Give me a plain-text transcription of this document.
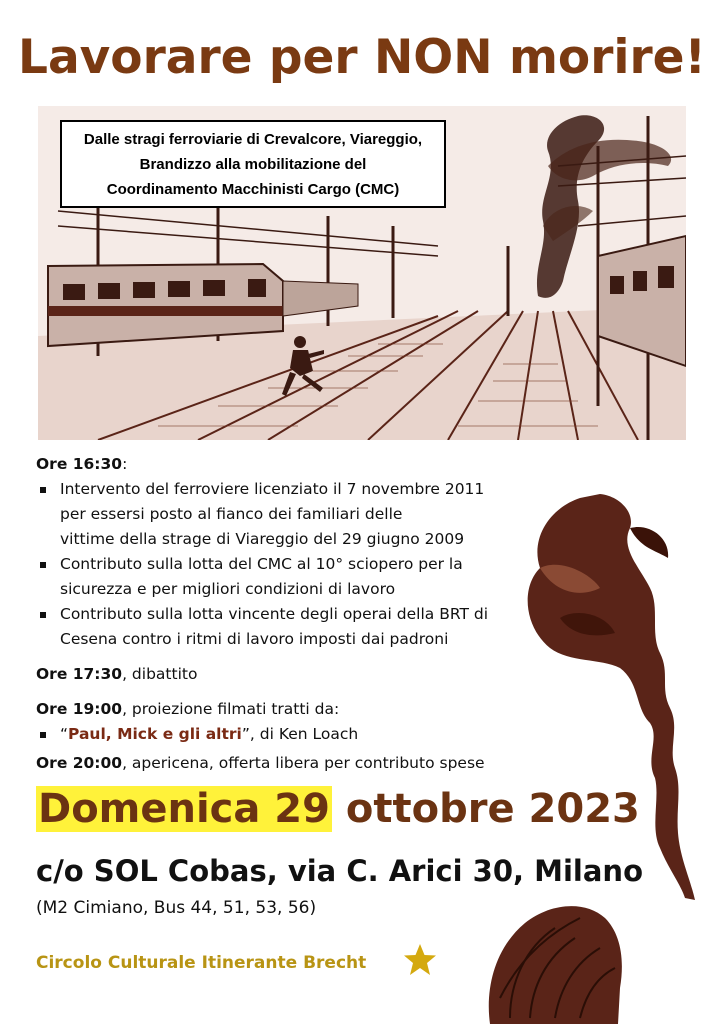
Lavorare per NON morire!
Dalle stragi ferroviarie di Crevalcore, Viareggio,
Brandizzo alla mobilitazione del
Coordinamento Macchinisti Cargo (CMC)

Ore 16:30:

Intervento del ferroviere licenziato il 7 novembre 2011
per essersi posto al fianco dei familiari delle
vittime della strage di Viareggio del 29 giugno 2009
Contributo sulla lotta del CMC al 10° sciopero per la
sicurezza e per migliori condizioni di lavoro
Contributo sulla lotta vincente degli operai della BRT di
Cesena contro i ritmi di lavoro imposti dai padroni

Ore 17:30, dibattito

Ore 19:00, proiezione filmati tratti da:

“Paul, Mick e gli altri”, di Ken Loach

Ore 20:00, apericena, offerta libera per contributo spese

Domenica 29 ottobre 2023
c/o SOL Cobas, via C. Arici 30, Milano
(M2 Cimiano, Bus 44, 51, 53, 56)
Circolo Culturale Itinerante Brecht
